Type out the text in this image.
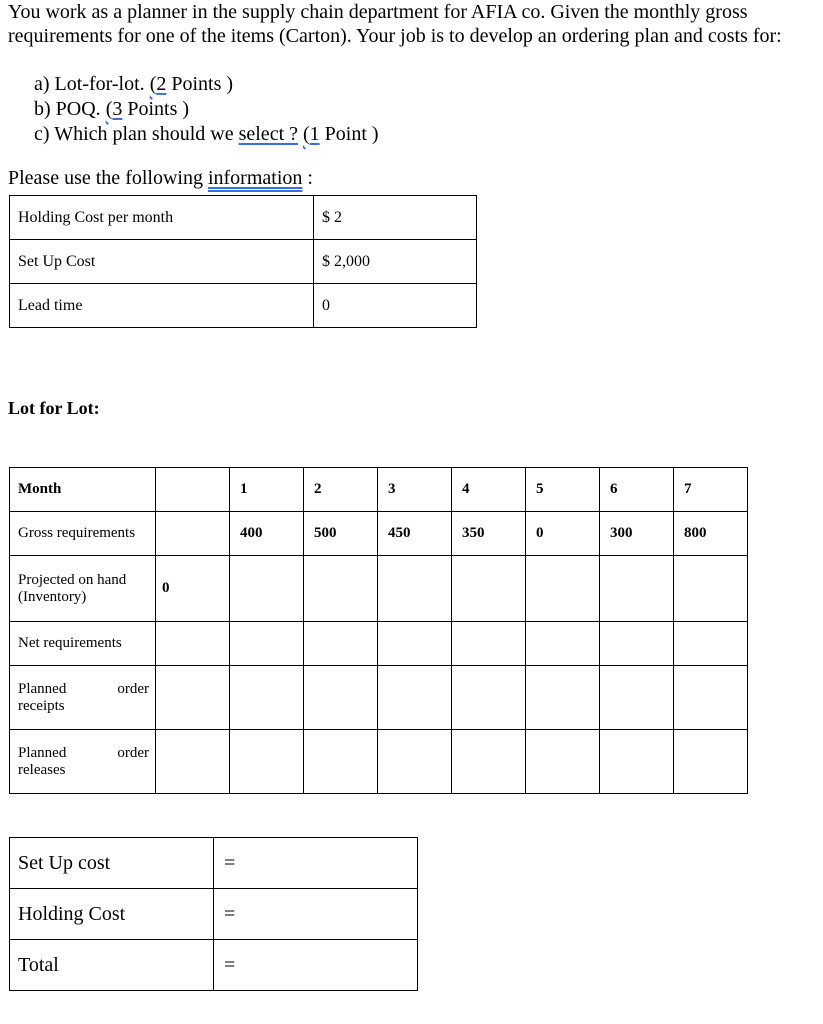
You work as a planner in the supply chain department for AFIA co. Given the monthly gross requirements for one of the items (Carton). Your job is to develop an ordering plan and costs for:
a) Lot-for-lot. (2 Points )
b) POQ. (3 Points )
c) Which plan should we select ? (1 Point )
Please use the following information :
Holding Cost per month	$ 2
Set Up Cost	$ 2,000
Lead time	0
Lot for Lot:
Month		1	2	3	4	5	6	7
Gross requirements		400	500	450	350	0	300	800

Projected on hand
(Inventory)	0							
Net requirements								

Planned order
receipts								

Planned order
releases								

Set Up cost	=
Holding Cost	=
Total	=
